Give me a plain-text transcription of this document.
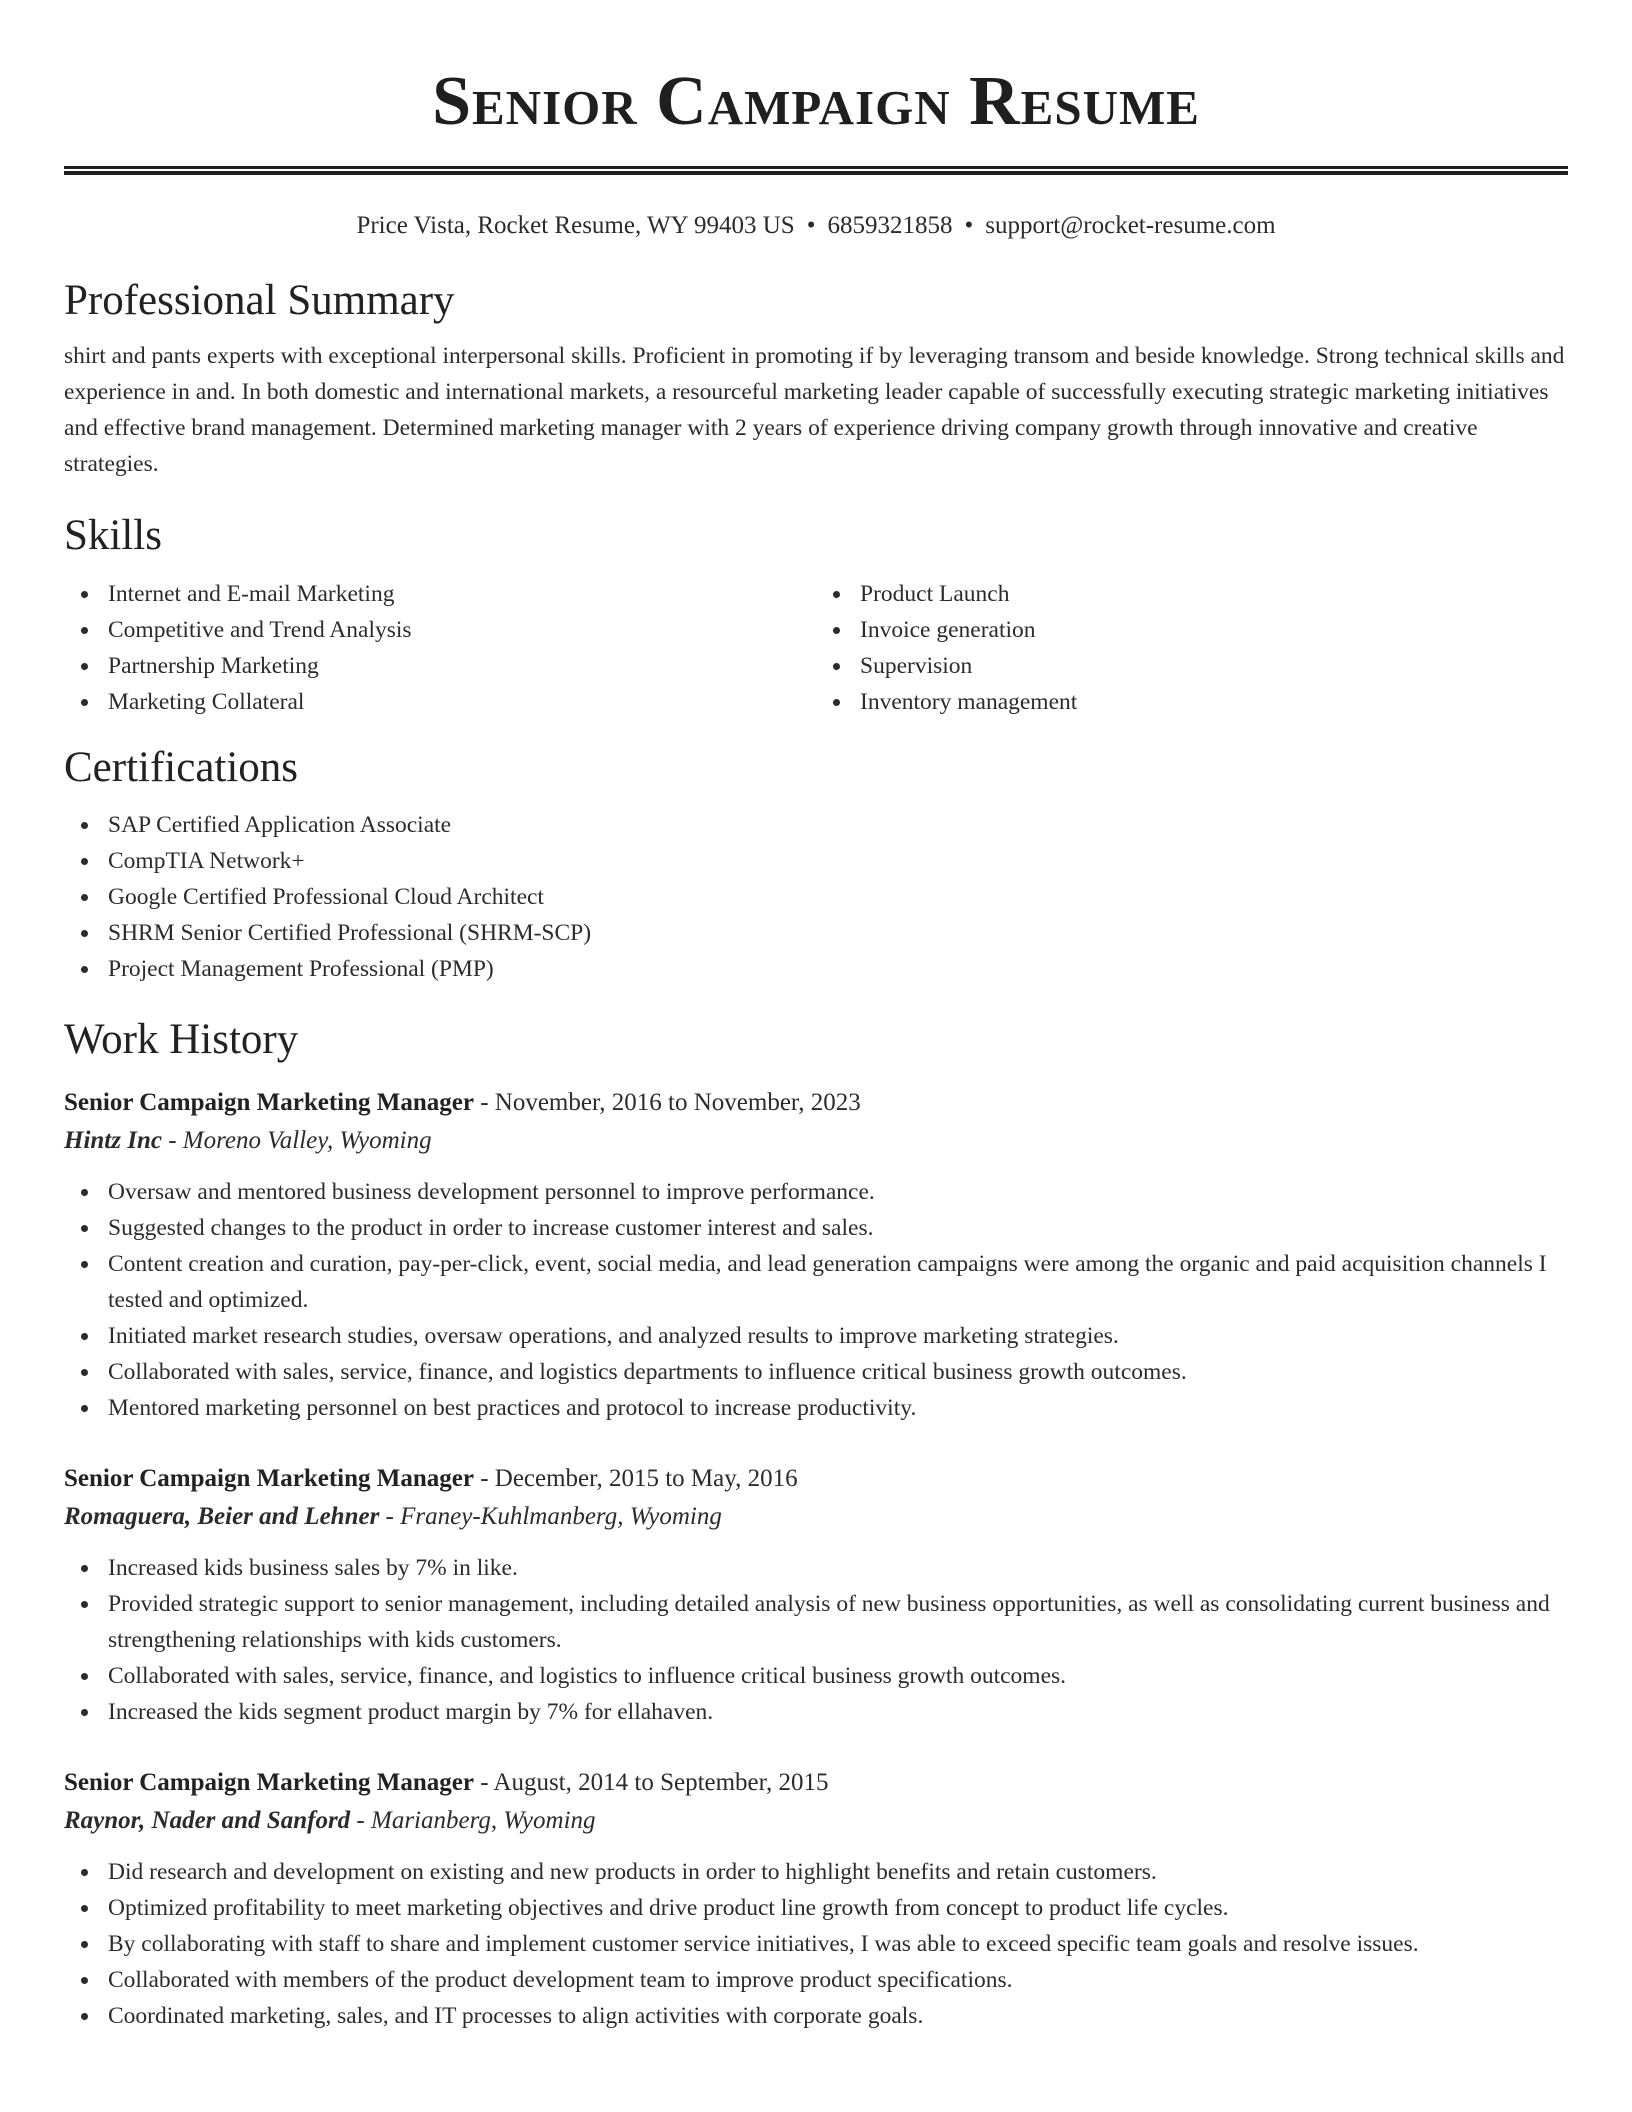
Senior Campaign Resume
Price Vista, Rocket Resume, WY 99403 US • 6859321858 • support@rocket-resume.com
Professional Summary

shirt and pants experts with exceptional interpersonal skills. Proficient in promoting if by leveraging transom and beside knowledge. Strong technical skills and experience in and. In both domestic and international markets, a resourceful marketing leader capable of successfully executing strategic marketing initiatives and effective brand management. Determined marketing manager with 2 years of experience driving company growth through innovative and creative strategies.

Skills
Internet and E-mail Marketing
Competitive and Trend Analysis
Partnership Marketing
Marketing Collateral
Product Launch
Invoice generation
Supervision
Inventory management
Certifications
SAP Certified Application Associate
CompTIA Network+
Google Certified Professional Cloud Architect
SHRM Senior Certified Professional (SHRM-SCP)
Project Management Professional (PMP)
Work History
Senior Campaign Marketing Manager - November, 2016 to November, 2023
Hintz Inc - Moreno Valley, Wyoming
Oversaw and mentored business development personnel to improve performance.
Suggested changes to the product in order to increase customer interest and sales.
Content creation and curation, pay-per-click, event, social media, and lead generation campaigns were among the organic and paid acquisition channels I tested and optimized.
Initiated market research studies, oversaw operations, and analyzed results to improve marketing strategies.
Collaborated with sales, service, finance, and logistics departments to influence critical business growth outcomes.
Mentored marketing personnel on best practices and protocol to increase productivity.
Senior Campaign Marketing Manager - December, 2015 to May, 2016
Romaguera, Beier and Lehner - Franey-Kuhlmanberg, Wyoming
Increased kids business sales by 7% in like.
Provided strategic support to senior management, including detailed analysis of new business opportunities, as well as consolidating current business and strengthening relationships with kids customers.
Collaborated with sales, service, finance, and logistics to influence critical business growth outcomes.
Increased the kids segment product margin by 7% for ellahaven.
Senior Campaign Marketing Manager - August, 2014 to September, 2015
Raynor, Nader and Sanford - Marianberg, Wyoming
Did research and development on existing and new products in order to highlight benefits and retain customers.
Optimized profitability to meet marketing objectives and drive product line growth from concept to product life cycles.
By collaborating with staff to share and implement customer service initiatives, I was able to exceed specific team goals and resolve issues.
Collaborated with members of the product development team to improve product specifications.
Coordinated marketing, sales, and IT processes to align activities with corporate goals.
